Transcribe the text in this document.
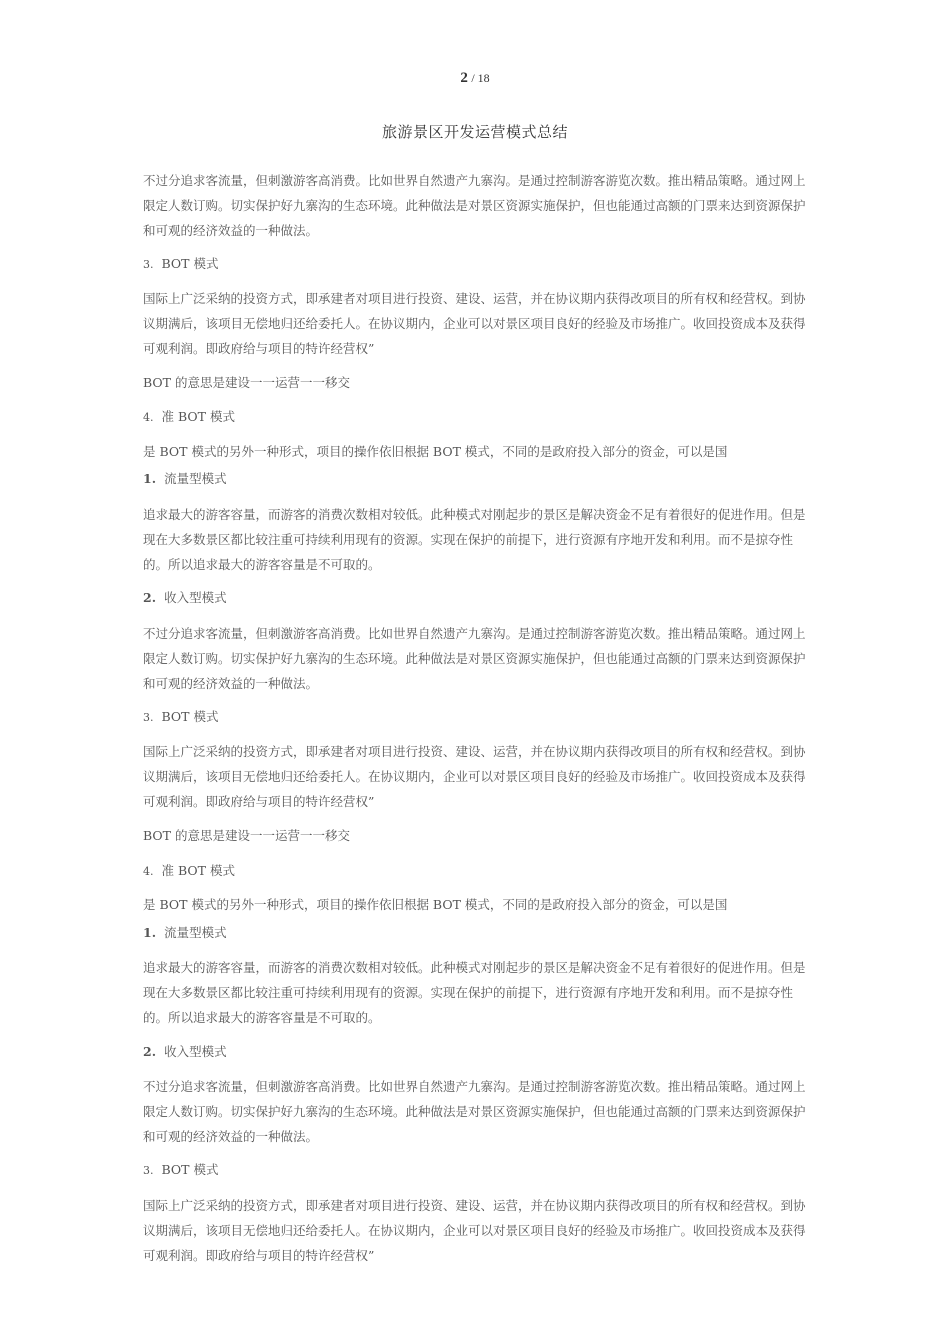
2 / 18
旅游景区开发运营模式总结
不过分追求客流量，但刺激游客高消费。比如世界自然遗产九寨沟。是通过控制游客游览次数。推出精品策略。通过网上限定人数订购。切实保护好九寨沟的生态环境。此种做法是对景区资源实施保护，但也能通过高额的门票来达到资源保护和可观的经济效益的一种做法。
3. BOT 模式
国际上广泛采纳的投资方式，即承建者对项目进行投资、建设、运营，并在协议期内获得改项目的所有权和经营权。到协议期满后，该项目无偿地归还给委托人。在协议期内，企业可以对景区项目良好的经验及市场推广。收回投资成本及获得可观利润。即政府给与项目的特许经营权”
BOT 的意思是建设一一运营一一移交
4. 准 BOT 模式
是 BOT 模式的另外一种形式，项目的操作依旧根据 BOT 模式，不同的是政府投入部分的资金，可以是国
1. 流量型模式
追求最大的游客容量，而游客的消费次数相对较低。此种模式对刚起步的景区是解决资金不足有着很好的促进作用。但是现在大多数景区都比较注重可持续利用现有的资源。实现在保护的前提下，进行资源有序地开发和利用。而不是掠夺性的。所以追求最大的游客容量是不可取的。
2. 收入型模式
不过分追求客流量，但刺激游客高消费。比如世界自然遗产九寨沟。是通过控制游客游览次数。推出精品策略。通过网上限定人数订购。切实保护好九寨沟的生态环境。此种做法是对景区资源实施保护，但也能通过高额的门票来达到资源保护和可观的经济效益的一种做法。
3. BOT 模式
国际上广泛采纳的投资方式，即承建者对项目进行投资、建设、运营，并在协议期内获得改项目的所有权和经营权。到协议期满后，该项目无偿地归还给委托人。在协议期内，企业可以对景区项目良好的经验及市场推广。收回投资成本及获得可观利润。即政府给与项目的特许经营权”
BOT 的意思是建设一一运营一一移交
4. 准 BOT 模式
是 BOT 模式的另外一种形式，项目的操作依旧根据 BOT 模式，不同的是政府投入部分的资金，可以是国
1. 流量型模式
追求最大的游客容量，而游客的消费次数相对较低。此种模式对刚起步的景区是解决资金不足有着很好的促进作用。但是现在大多数景区都比较注重可持续利用现有的资源。实现在保护的前提下，进行资源有序地开发和利用。而不是掠夺性的。所以追求最大的游客容量是不可取的。
2. 收入型模式
不过分追求客流量，但刺激游客高消费。比如世界自然遗产九寨沟。是通过控制游客游览次数。推出精品策略。通过网上限定人数订购。切实保护好九寨沟的生态环境。此种做法是对景区资源实施保护，但也能通过高额的门票来达到资源保护和可观的经济效益的一种做法。
3. BOT 模式
国际上广泛采纳的投资方式，即承建者对项目进行投资、建设、运营，并在协议期内获得改项目的所有权和经营权。到协议期满后，该项目无偿地归还给委托人。在协议期内，企业可以对景区项目良好的经验及市场推广。收回投资成本及获得可观利润。即政府给与项目的特许经营权”
